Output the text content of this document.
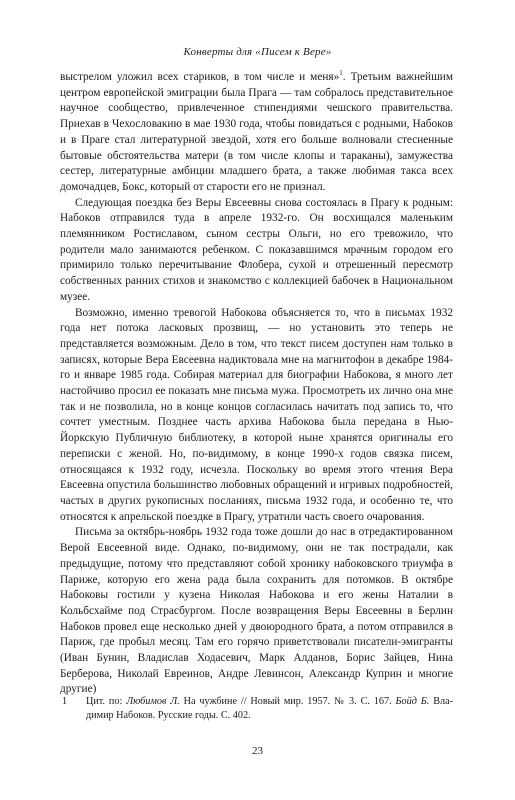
Конверты для «Писем к Вере»

выстрелом уложил всех стариков, в том числе и меня»$^1$. Третьим важнейшим центром европейской эмиграции была Прага — там собралось представительное научное сообщество, привлеченное стипендиями чешского правительства. Приехав в Чехословакию в мае 1930 года, чтобы повидаться с родными, Набоков и в Праге стал литературной звездой, хотя его больше волновали стесненные бытовые обстоятельства матери (в том числе клопы и тараканы), замужества сестер, литературные амбиции младшего брата, а также любимая такса всех домочадцев, Бокс, который от старости его не признал.

Следующая поездка без Веры Евсеевны снова состоялась в Прагу к родным: Набоков отправился туда в апреле 1932-го. Он восхищался маленьким племянником Ростиславом, сыном сестры Ольги, но его тревожило, что родители мало занимаются ребенком. С показавшимся мрачным городом его примирило только перечитывание Флобера, сухой и отрешенный пересмотр собственных ранних стихов и знакомство с коллекцией бабочек в Национальном музее.

Возможно, именно тревогой Набокова объясняется то, что в письмах 1932 года нет потока ласковых прозвищ, — но установить это теперь не представляется возможным. Дело в том, что текст писем доступен нам только в записях, которые Вера Евсеевна надиктовала мне на магнитофон в декабре 1984-го и январе 1985 года. Собирая материал для биографии Набокова, я много лет настойчиво просил ее показать мне письма мужа. Просмотреть их лично она мне так и не позволила, но в конце концов согласилась начитать под запись то, что сочтет уместным. Позднее часть архива Набокова была передана в Нью-Йоркскую Публичную библиотеку, в которой ныне хранятся оригиналы его переписки с женой. Но, по-видимому, в конце 1990-х годов связка писем, относящаяся к 1932 году, исчезла. Поскольку во время этого чтения Вера Евсеевна опустила большинство любовных обращений и игривых подробностей, частых в других рукописных посланиях, письма 1932 года, и особенно те, что относятся к апрельской поездке в Прагу, утратили часть своего очарования.

Письма за октябрь-ноябрь 1932 года тоже дошли до нас в отредактированном Верой Евсеевной виде. Однако, по-видимому, они не так пострадали, как предыдущие, потому что представляют собой хронику набоковского триумфа в Париже, которую его жена рада была сохранить для потомков. В октябре Набоковы гостили у кузена Николая Набокова и его жены Наталии в Кольбсхайме под Страсбургом. После возвращения Веры Евсеевны в Берлин Набоков провел еще несколько дней у двоюродного брата, а потом отправился в Париж, где пробыл месяц. Там его горячо приветствовали писатели-эмигранты (Иван Бунин, Владислав Ходасевич, Марк Алданов, Борис Зайцев, Нина Берберова, Николай Евреинов, Андре Левинсон, Александр Куприн и многие другие)

1	Цит. по: Любимов Л. На чужбине // Новый мир. 1957. № 3. С. 167. Бойд Б. Владимир Набоков. Русские годы. С. 402.
23
